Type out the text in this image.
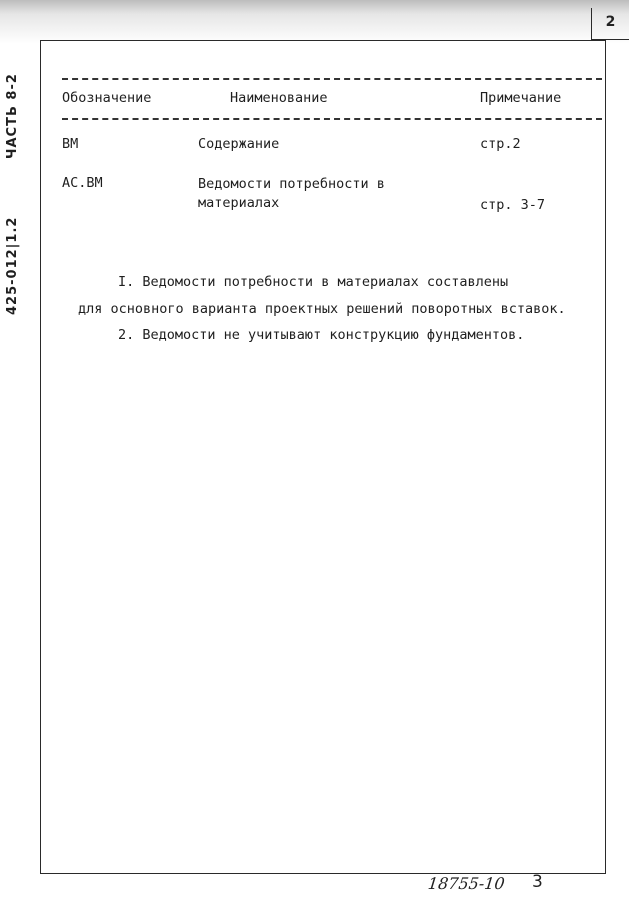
2
425-012|1.2 ЧАСТЬ 8-2	Обозначение	Наименование	Примечание
ВМ	Содержание	стр.2
АС.ВМ	Ведомости потребности в материалах	стр. 3-7
I. Ведомости потребности в материалах составлены
для основного варианта проектных решений поворотных вставок.
2. Ведомости не учитывают конструкцию фундаментов.
18755-10 3
